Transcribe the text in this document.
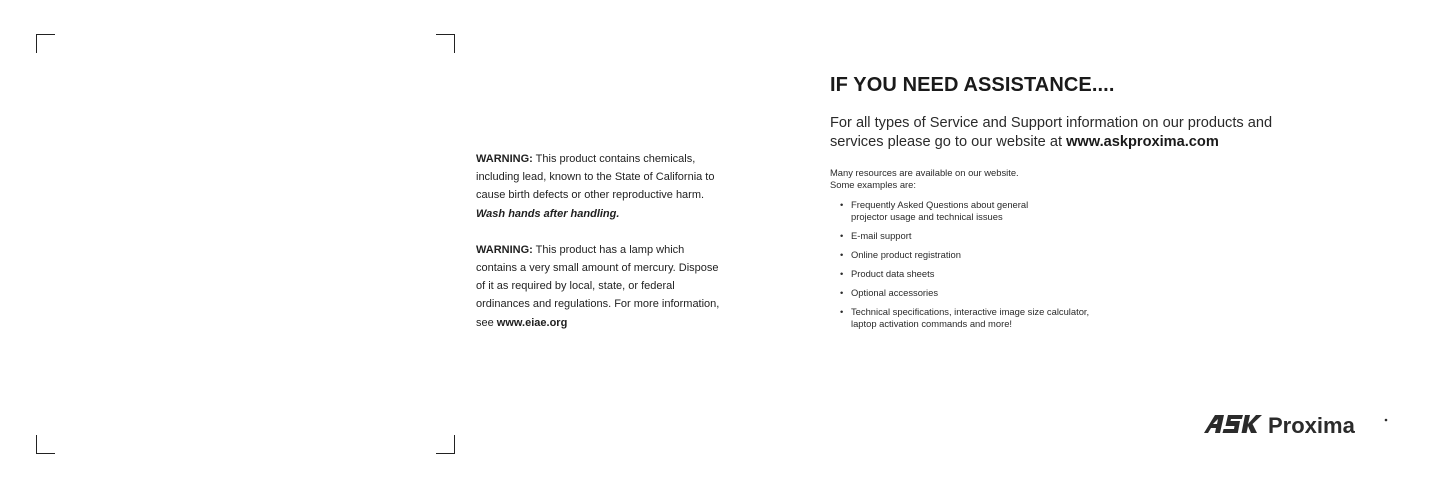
WARNING: This product contains chemicals, including lead, known to the State of California to cause birth defects or other reproductive harm. Wash hands after handling.

WARNING: This product has a lamp which contains a very small amount of mercury. Dispose of it as required by local, state, or federal ordinances and regulations. For more information, see www.eiae.org

IF YOU NEED ASSISTANCE....

For all types of Service and Support information on our products and services please go to our website at www.askproxima.com

Many resources are available on our website.
Some examples are:

• Frequently Asked Questions about general
projector usage and technical issues
• E-mail support
• Online product registration
• Product data sheets
• Optional accessories
• Technical specifications, interactive image size calculator,
laptop activation commands and more!
Proxima
